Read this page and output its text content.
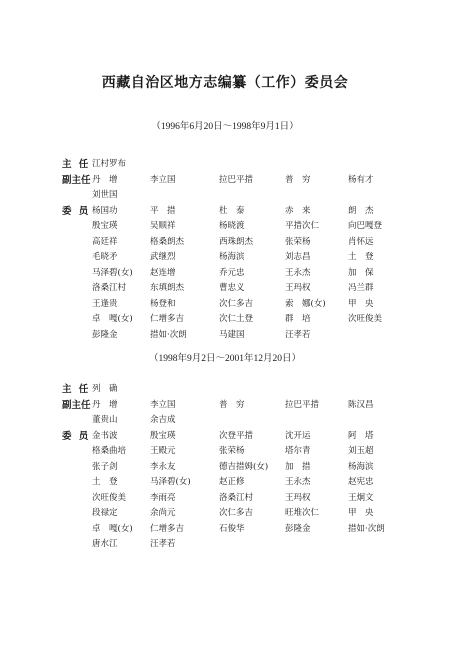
西藏自治区地方志编纂（工作）委员会
（1996年6月20日～1998年9月1日）
主 任 江村罗布
副主任 丹　增	李立国	拉巴平措	普　穷	杨有才
刘世国
委 员 杨国功	平　措	杜　泰	赤　来	朗　杰
殷宝瑛	吴顺祥	杨晓渡	平措次仁	向巴嘎登
高廷祥	格桑朗杰	西珠朗杰	张荣杨	肖怀远
毛晓矛	武继烈	杨海滨	刘志昌	土　登
马泽碧(女)	赵连增	乔元忠	王永杰	加　保
洛桑江村	东填朗杰	曹忠义	王玛权	冯兰群
王逢贵	杨登和	次仁多吉	索　娜(女)	甲　央
卓　嘎(女)	仁增多吉	次仁土登	群　培	次旺俊美
彭隆金	措如·次朗	马建国	汪孝若
（1998年9月2日～2001年12月20日）
主 任 列　确
副主任 丹　增	李立国	普　穷	拉巴平措	陈汉昌
董贵山	余吉成
委 员 金书波	殷宝瑛	次登平措	沈开运	阿　塔
格桑曲培	王殿元	张荣杨	塔尔青	刘玉超
张子剑	李永友	德吉措姆(女)	加　措	杨海滨
土　登	马泽碧(女)	赵正修	王永杰	赵宪忠
次旺俊美	李雨亮	洛桑江村	王玛权	王炯文
段禄定	余尚元	次仁多吉	旺堆次仁	甲　央
卓　嘎(女)	仁增多吉	石俊华	彭隆金	措如·次朗
唐水江	汪孝若
